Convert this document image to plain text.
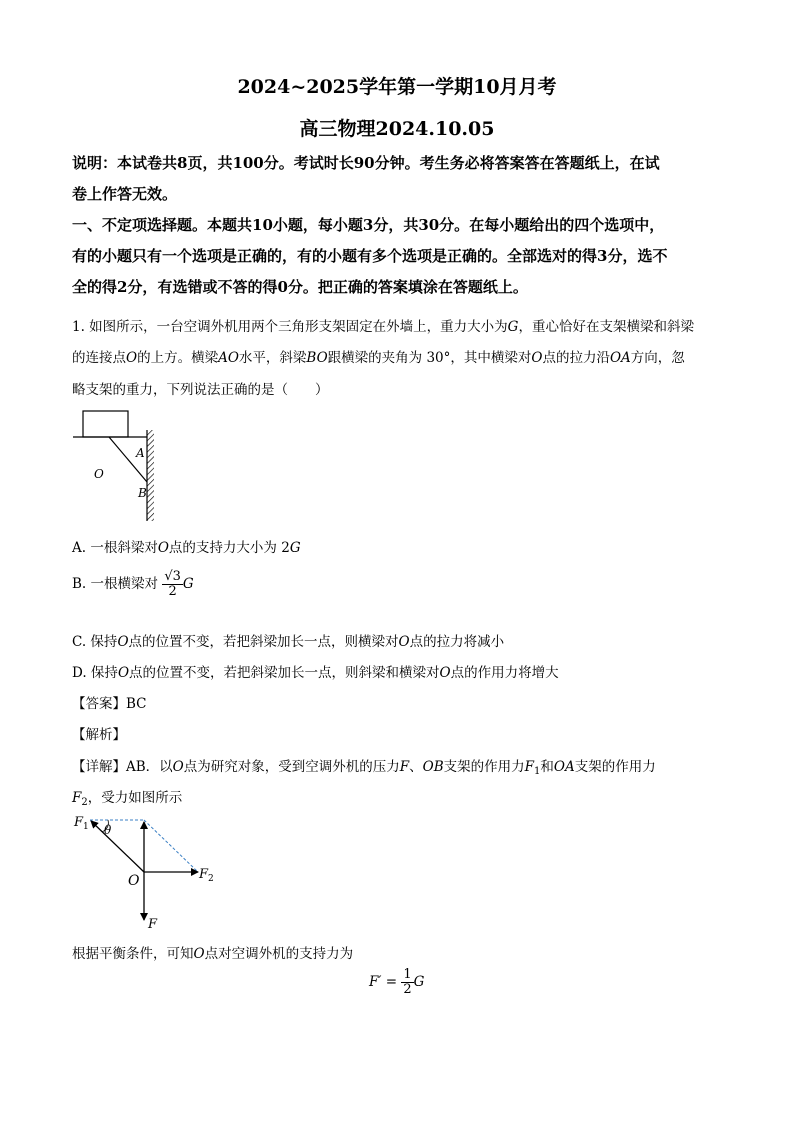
2024~2025学年第一学期10月月考
高三物理2024.10.05
说明：本试卷共8页，共100分。考试时长90分钟。考生务必将答案答在答题纸上，在试
卷上作答无效。
一、不定项选择题。本题共10小题，每小题3分，共30分。在每小题给出的四个选项中，
有的小题只有一个选项是正确的，有的小题有多个选项是正确的。全部选对的得3分，选不
全的得2分，有选错或不答的得0分。把正确的答案填涂在答题纸上。
1. 如图所示，一台空调外机用两个三角形支架固定在外墙上，重力大小为G，重心恰好在支架横梁和斜梁
的连接点O的上方。横梁AO水平，斜梁BO跟横梁的夹角为 30°，其中横梁对O点的拉力沿OA方向，忽
略支架的重力，下列说法正确的是（　　）
A
O
B
A. 一根斜梁对O点的支持力大小为 2G
B. 一根横梁对 $\frac{√3}{2}$ G
C. 保持O点的位置不变，若把斜梁加长一点，则横梁对O点的拉力将减小
D. 保持O点的位置不变，若把斜梁加长一点，则斜梁和横梁对O点的作用力将增大
【答案】BC
【解析】
【详解】AB．以O点为研究对象，受到空调外机的压力F、OB支架的作用力$F_1$和OA支架的作用力
$F_2$，受力如图所示
$F_1$ θ
O	$F_2$
F
根据平衡条件，可知O点对空调外机的支持力为
$F' = \frac{1}{2}$ G
